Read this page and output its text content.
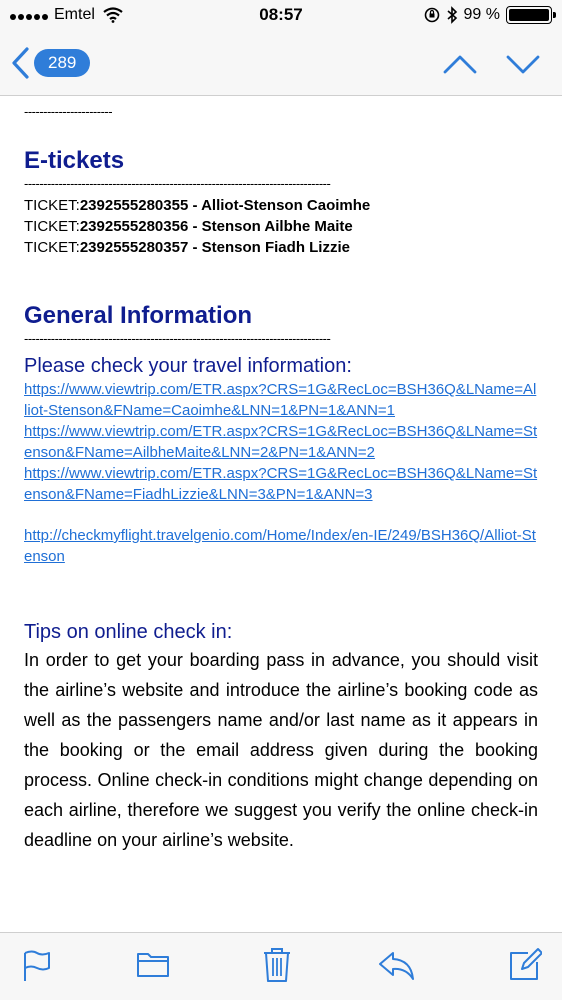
Emtel	08:57	99 %
289
-----------------------
E-tickets
--------------------------------------------------------------------------------
TICKET:2392555280355 - Alliot-Stenson Caoimhe
TICKET:2392555280356 - Stenson Ailbhe Maite
TICKET:2392555280357 - Stenson Fiadh Lizzie
General Information
--------------------------------------------------------------------------------
Please check your travel information:
https://www.viewtrip.com/ETR.aspx?CRS=1G&RecLoc=BSH36Q&LName=Alliot-Stenson&FName=Caoimhe&LNN=1&PN=1&ANN=1
https://www.viewtrip.com/ETR.aspx?CRS=1G&RecLoc=BSH36Q&LName=Stenson&FName=AilbheMaite&LNN=2&PN=1&ANN=2
https://www.viewtrip.com/ETR.aspx?CRS=1G&RecLoc=BSH36Q&LName=Stenson&FName=FiadhLizzie&LNN=3&PN=1&ANN=3
http://checkmyflight.travelgenio.com/Home/Index/en-IE/249/BSH36Q/Alliot-Stenson
Tips on online check in:

In order to get your boarding pass in advance, you should visit the airline’s website and introduce the airline’s booking code as well as the passengers name and/or last name as it appears in the booking or the email address given during the booking process. Online check-in conditions might change depending on each airline, therefore we suggest you verify the online check-in deadline on your airline’s website.
